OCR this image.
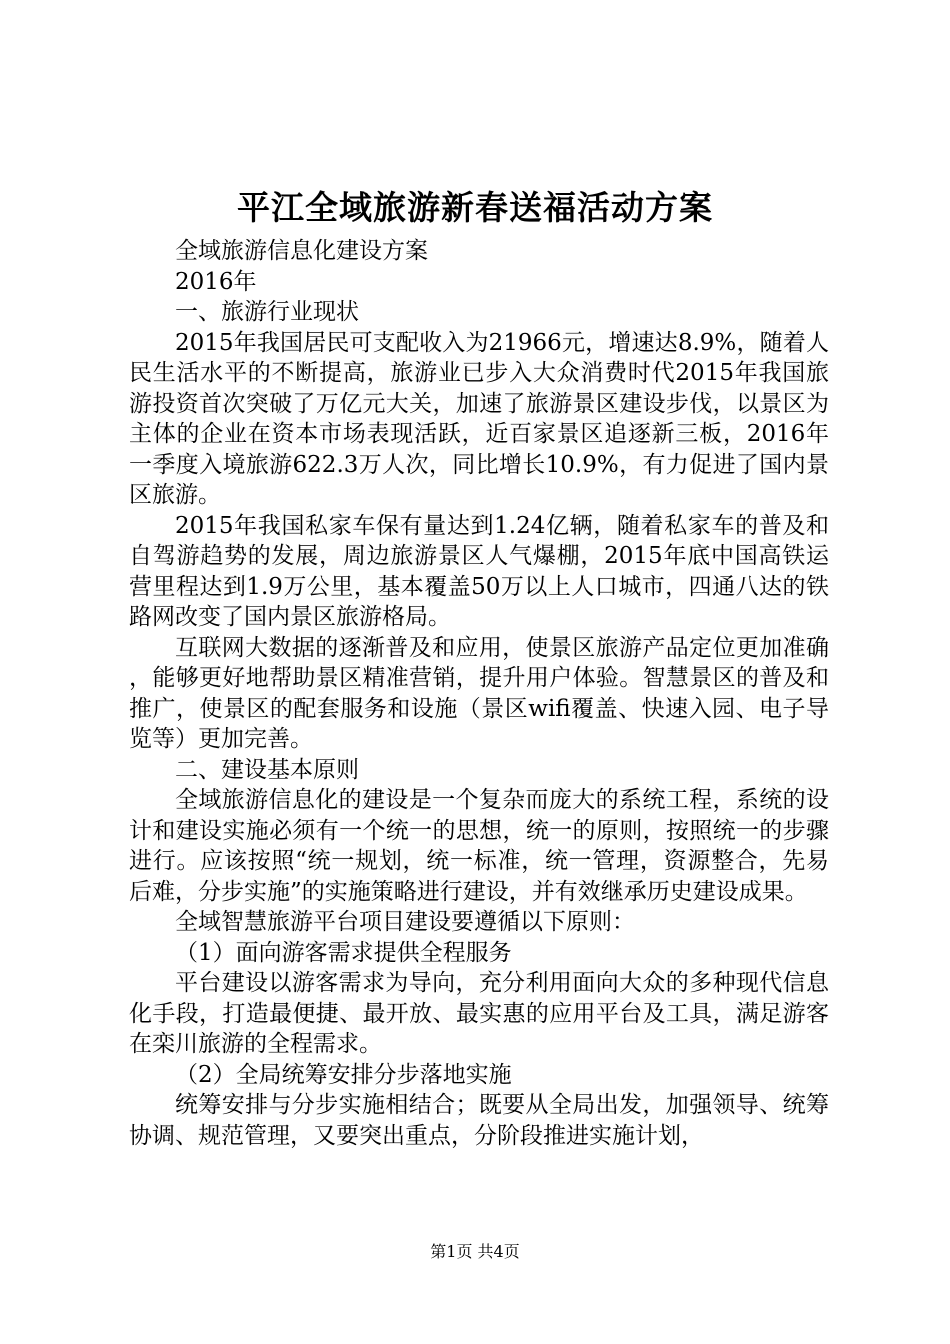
平江全域旅游新春送福活动方案

全域旅游信息化建设方案

2016年

一、旅游行业现状

2015年我国居民可支配收入为21966元，增速达8.9%，随着人民生活水平的不断提高，旅游业已步入大众消费时代2015年我国旅游投资首次突破了万亿元大关，加速了旅游景区建设步伐，以景区为主体的企业在资本市场表现活跃，近百家景区追逐新三板，2016年一季度入境旅游622.3万人次，同比增长10.9%，有力促进了国内景区旅游。

2015年我国私家车保有量达到1.24亿辆，随着私家车的普及和自驾游趋势的发展，周边旅游景区人气爆棚，2015年底中国高铁运营里程达到1.9万公里，基本覆盖50万以上人口城市，四通八达的铁路网改变了国内景区旅游格局。

互联网大数据的逐渐普及和应用，使景区旅游产品定位更加准确，能够更好地帮助景区精准营销，提升用户体验。智慧景区的普及和推广，使景区的配套服务和设施（景区wifi覆盖、快速入园、电子导览等）更加完善。

二、建设基本原则

全域旅游信息化的建设是一个复杂而庞大的系统工程，系统的设计和建设实施必须有一个统一的思想，统一的原则，按照统一的步骤进行。应该按照“统一规划，统一标准，统一管理，资源整合，先易后难，分步实施”的实施策略进行建设，并有效继承历史建设成果。

全域智慧旅游平台项目建设要遵循以下原则：

（1）面向游客需求提供全程服务

平台建设以游客需求为导向，充分利用面向大众的多种现代信息化手段，打造最便捷、最开放、最实惠的应用平台及工具，满足游客在栾川旅游的全程需求。

（2）全局统筹安排分步落地实施

统筹安排与分步实施相结合；既要从全局出发，加强领导、统筹协调、规范管理，又要突出重点，分阶段推进实施计划，

第1页 共4页
